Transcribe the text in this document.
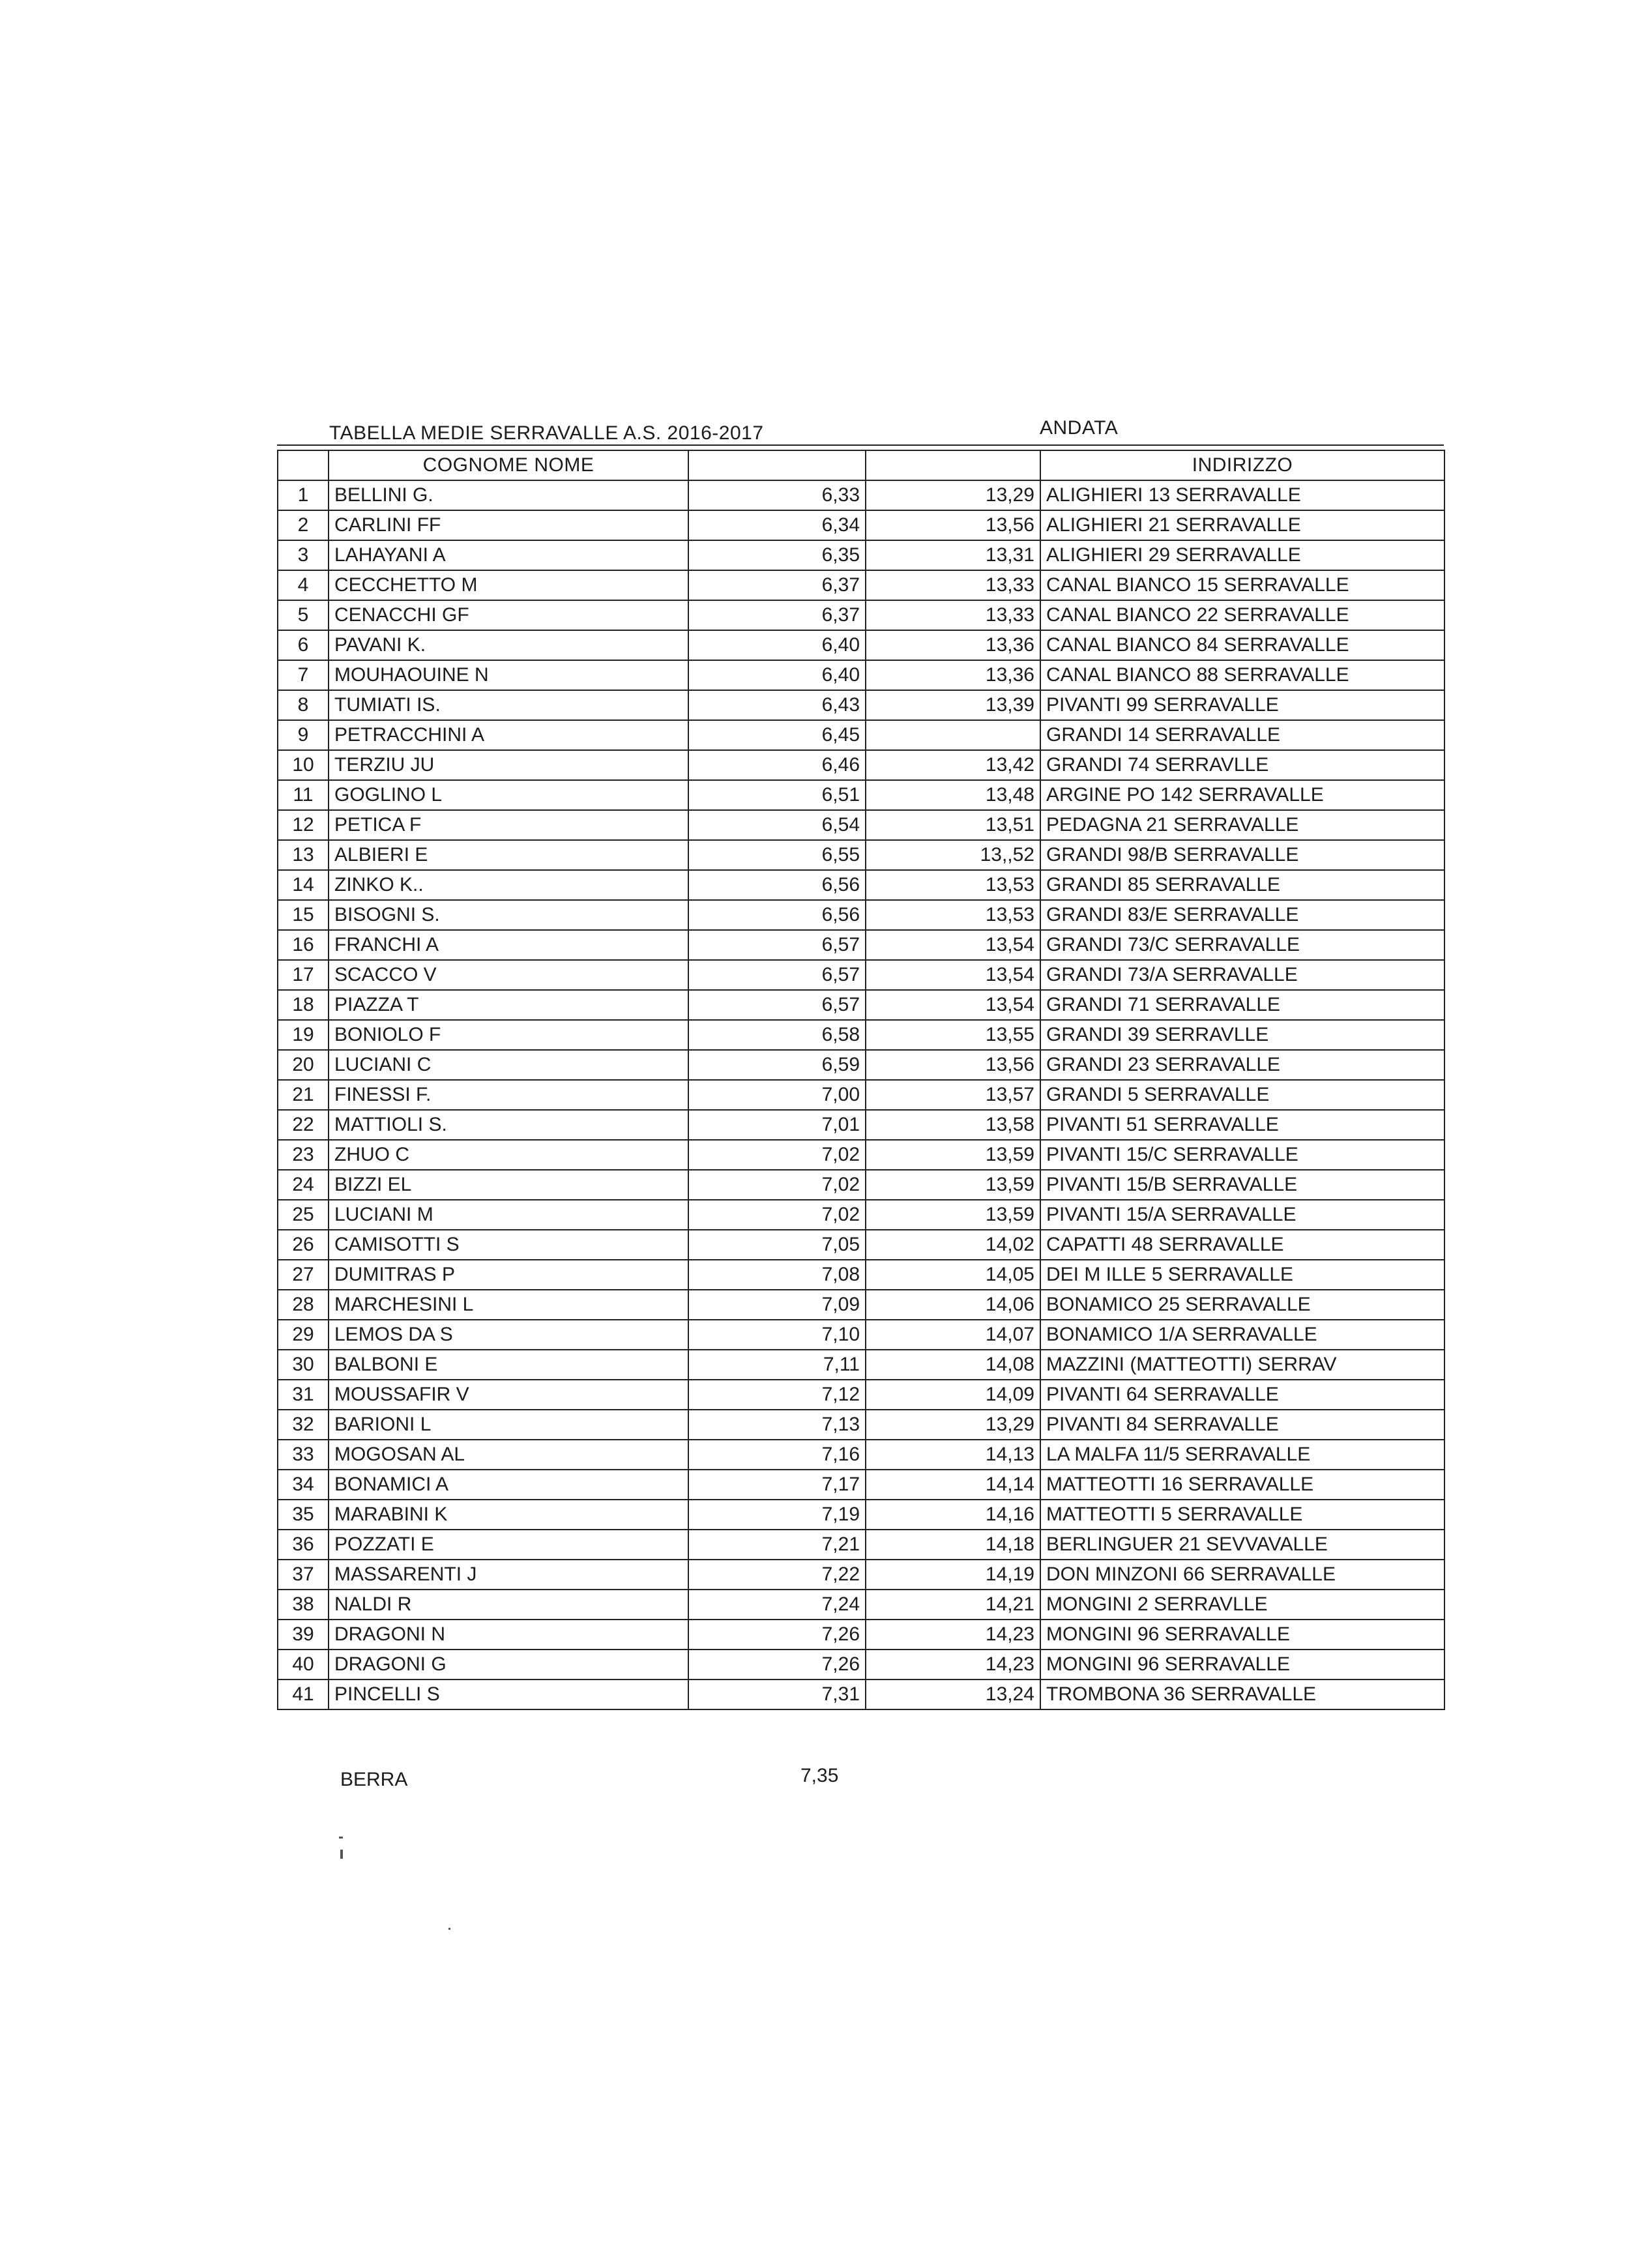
TABELLA MEDIE SERRAVALLE A.S. 2016-2017	ANDATA
	COGNOME NOME			INDIRIZZO
1	BELLINI G.	6,33	13,29	ALIGHIERI 13 SERRAVALLE
2	CARLINI FF	6,34	13,56	ALIGHIERI 21 SERRAVALLE
3	LAHAYANI A	6,35	13,31	ALIGHIERI 29 SERRAVALLE
4	CECCHETTO M	6,37	13,33	CANAL BIANCO 15 SERRAVALLE
5	CENACCHI GF	6,37	13,33	CANAL BIANCO 22 SERRAVALLE
6	PAVANI K.	6,40	13,36	CANAL BIANCO 84 SERRAVALLE
7	MOUHAOUINE N	6,40	13,36	CANAL BIANCO 88 SERRAVALLE
8	TUMIATI IS.	6,43	13,39	PIVANTI 99 SERRAVALLE
9	PETRACCHINI A	6,45		GRANDI 14 SERRAVALLE
10	TERZIU JU	6,46	13,42	GRANDI 74 SERRAVLLE
11	GOGLINO L	6,51	13,48	ARGINE PO 142 SERRAVALLE
12	PETICA F	6,54	13,51	PEDAGNA 21 SERRAVALLE
13	ALBIERI E	6,55	13,,52	GRANDI 98/B SERRAVALLE
14	ZINKO K..	6,56	13,53	GRANDI 85 SERRAVALLE
15	BISOGNI S.	6,56	13,53	GRANDI 83/E SERRAVALLE
16	FRANCHI A	6,57	13,54	GRANDI 73/C SERRAVALLE
17	SCACCO V	6,57	13,54	GRANDI 73/A SERRAVALLE
18	PIAZZA T	6,57	13,54	GRANDI 71 SERRAVALLE
19	BONIOLO F	6,58	13,55	GRANDI 39 SERRAVLLE
20	LUCIANI C	6,59	13,56	GRANDI 23 SERRAVALLE
21	FINESSI F.	7,00	13,57	GRANDI 5 SERRAVALLE
22	MATTIOLI S.	7,01	13,58	PIVANTI 51 SERRAVALLE
23	ZHUO C	7,02	13,59	PIVANTI 15/C SERRAVALLE
24	BIZZI EL	7,02	13,59	PIVANTI 15/B SERRAVALLE
25	LUCIANI M	7,02	13,59	PIVANTI 15/A SERRAVALLE
26	CAMISOTTI S	7,05	14,02	CAPATTI 48 SERRAVALLE
27	DUMITRAS P	7,08	14,05	DEI M ILLE 5 SERRAVALLE
28	MARCHESINI L	7,09	14,06	BONAMICO 25 SERRAVALLE
29	LEMOS DA S	7,10	14,07	BONAMICO 1/A SERRAVALLE
30	BALBONI E	7,11	14,08	MAZZINI (MATTEOTTI) SERRAV
31	MOUSSAFIR V	7,12	14,09	PIVANTI 64 SERRAVALLE
32	BARIONI L	7,13	13,29	PIVANTI 84 SERRAVALLE
33	MOGOSAN AL	7,16	14,13	LA MALFA 11/5 SERRAVALLE
34	BONAMICI A	7,17	14,14	MATTEOTTI 16 SERRAVALLE
35	MARABINI K	7,19	14,16	MATTEOTTI 5 SERRAVALLE
36	POZZATI E	7,21	14,18	BERLINGUER 21 SEVVAVALLE
37	MASSARENTI J	7,22	14,19	DON MINZONI 66 SERRAVALLE
38	NALDI R	7,24	14,21	MONGINI 2 SERRAVLLE
39	DRAGONI N	7,26	14,23	MONGINI 96 SERRAVALLE
40	DRAGONI G	7,26	14,23	MONGINI 96 SERRAVALLE
41	PINCELLI S	7,31	13,24	TROMBONA 36 SERRAVALLE
BERRA	7,35
